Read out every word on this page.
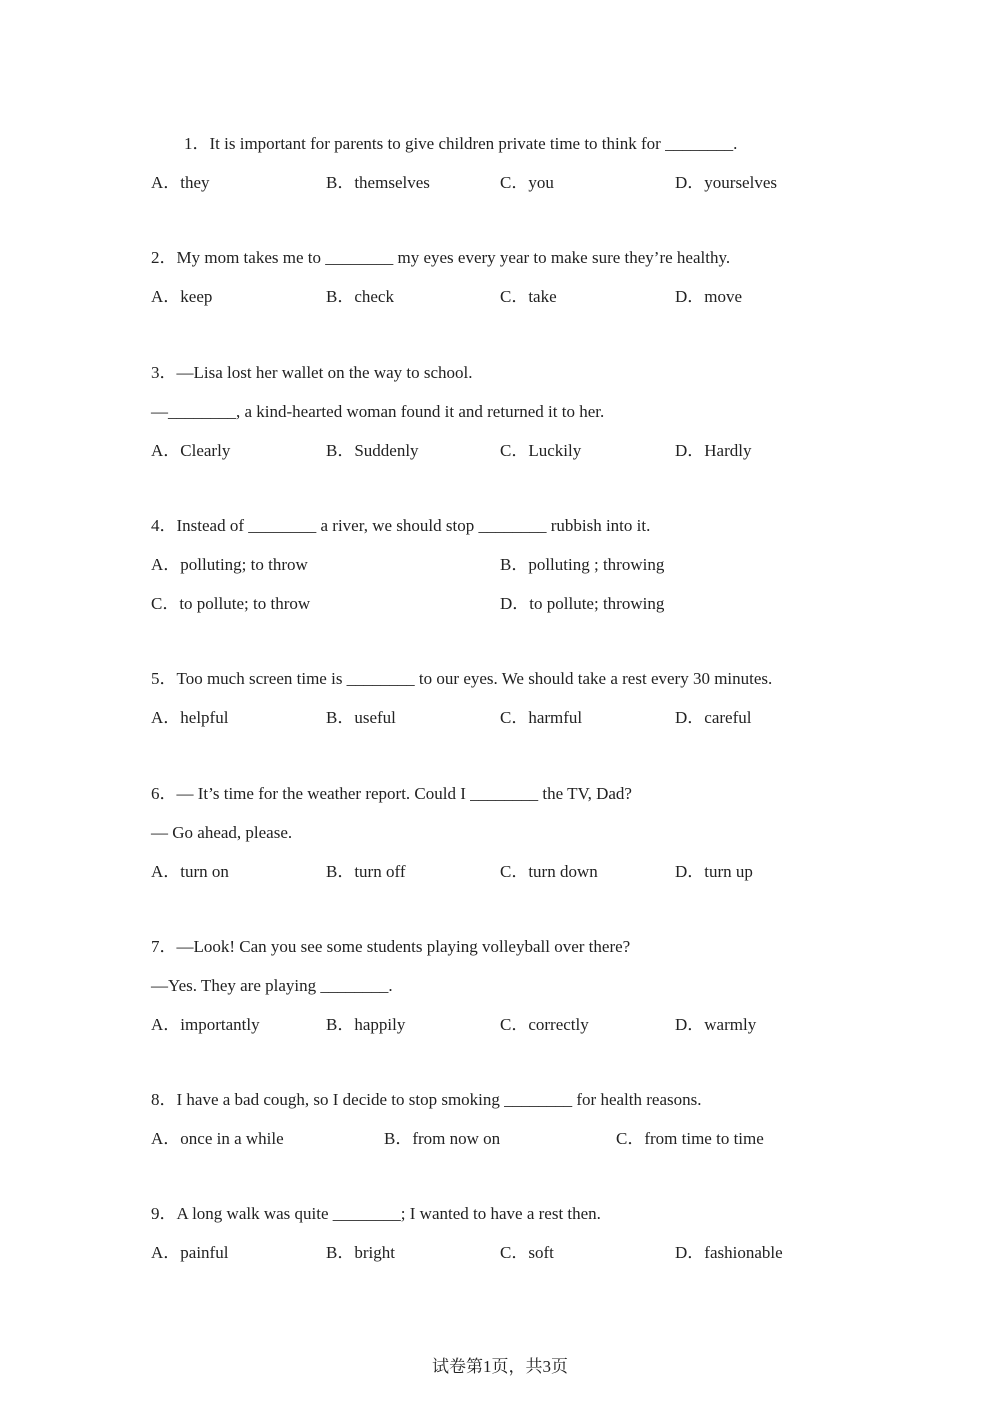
1．It is important for parents to give children private time to think for ________.
A．they	B．themselves	C．you	D．yourselves
2．My mom takes me to ________ my eyes every year to make sure they’re healthy.
A．keep	B．check	C．take	D．move
3．—Lisa lost her wallet on the way to school.
—________, a kind-hearted woman found it and returned it to her.
A．Clearly	B．Suddenly	C．Luckily	D．Hardly
4．Instead of ________ a river, we should stop ________ rubbish into it.
A．polluting; to throw	B．polluting ; throwing
C．to pollute; to throw	D．to pollute; throwing
5．Too much screen time is ________ to our eyes. We should take a rest every 30 minutes.
A．helpful	B．useful	C．harmful	D．careful
6．— It’s time for the weather report. Could I ________ the TV, Dad?
— Go ahead, please.
A．turn on	B．turn off	C．turn down	D．turn up
7．—Look! Can you see some students playing volleyball over there?
—Yes. They are playing ________.
A．importantly	B．happily	C．correctly	D．warmly
8．I have a bad cough, so I decide to stop smoking ________ for health reasons.
A．once in a while	B．from now on	C．from time to time
9．A long walk was quite ________; I wanted to have a rest then.
A．painful	B．bright	C．soft	D．fashionable
试卷第1页，共3页
